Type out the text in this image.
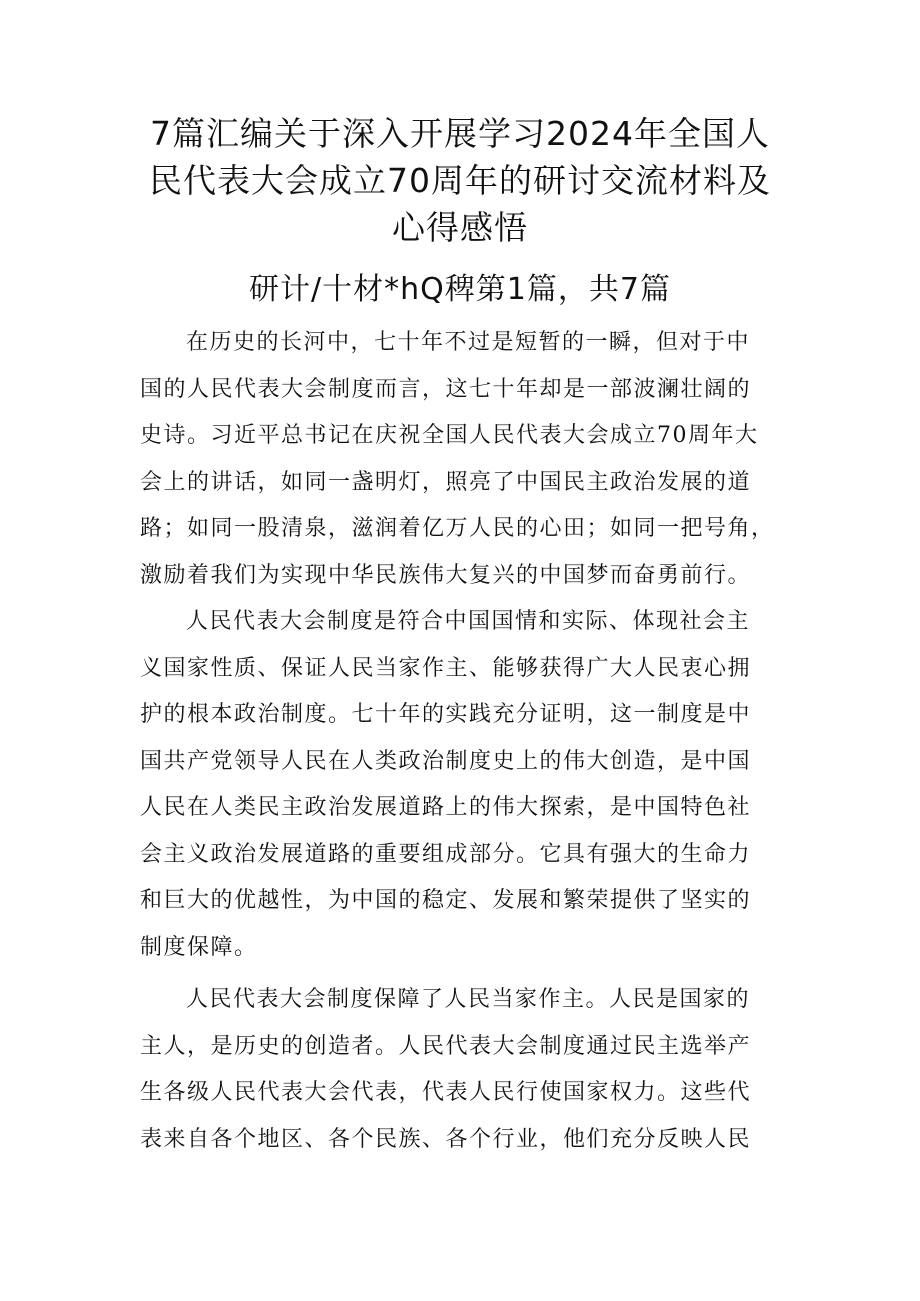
7篇汇编关于深入开展学习2024年全国人
民代表大会成立70周年的研讨交流材料及
心得感悟
研计/十材*hQ稗第1篇，共7篇
在历史的长河中，七十年不过是短暂的一瞬，但对于中
国的人民代表大会制度而言，这七十年却是一部波澜壮阔的
史诗。习近平总书记在庆祝全国人民代表大会成立70周年大
会上的讲话，如同一盏明灯，照亮了中国民主政治发展的道
路；如同一股清泉，滋润着亿万人民的心田；如同一把号角，
激励着我们为实现中华民族伟大复兴的中国梦而奋勇前行。
人民代表大会制度是符合中国国情和实际、体现社会主
义国家性质、保证人民当家作主、能够获得广大人民衷心拥
护的根本政治制度。七十年的实践充分证明，这一制度是中
国共产党领导人民在人类政治制度史上的伟大创造，是中国
人民在人类民主政治发展道路上的伟大探索，是中国特色社
会主义政治发展道路的重要组成部分。它具有强大的生命力
和巨大的优越性，为中国的稳定、发展和繁荣提供了坚实的
制度保障。
人民代表大会制度保障了人民当家作主。人民是国家的
主人，是历史的创造者。人民代表大会制度通过民主选举产
生各级人民代表大会代表，代表人民行使国家权力。这些代
表来自各个地区、各个民族、各个行业，他们充分反映人民
